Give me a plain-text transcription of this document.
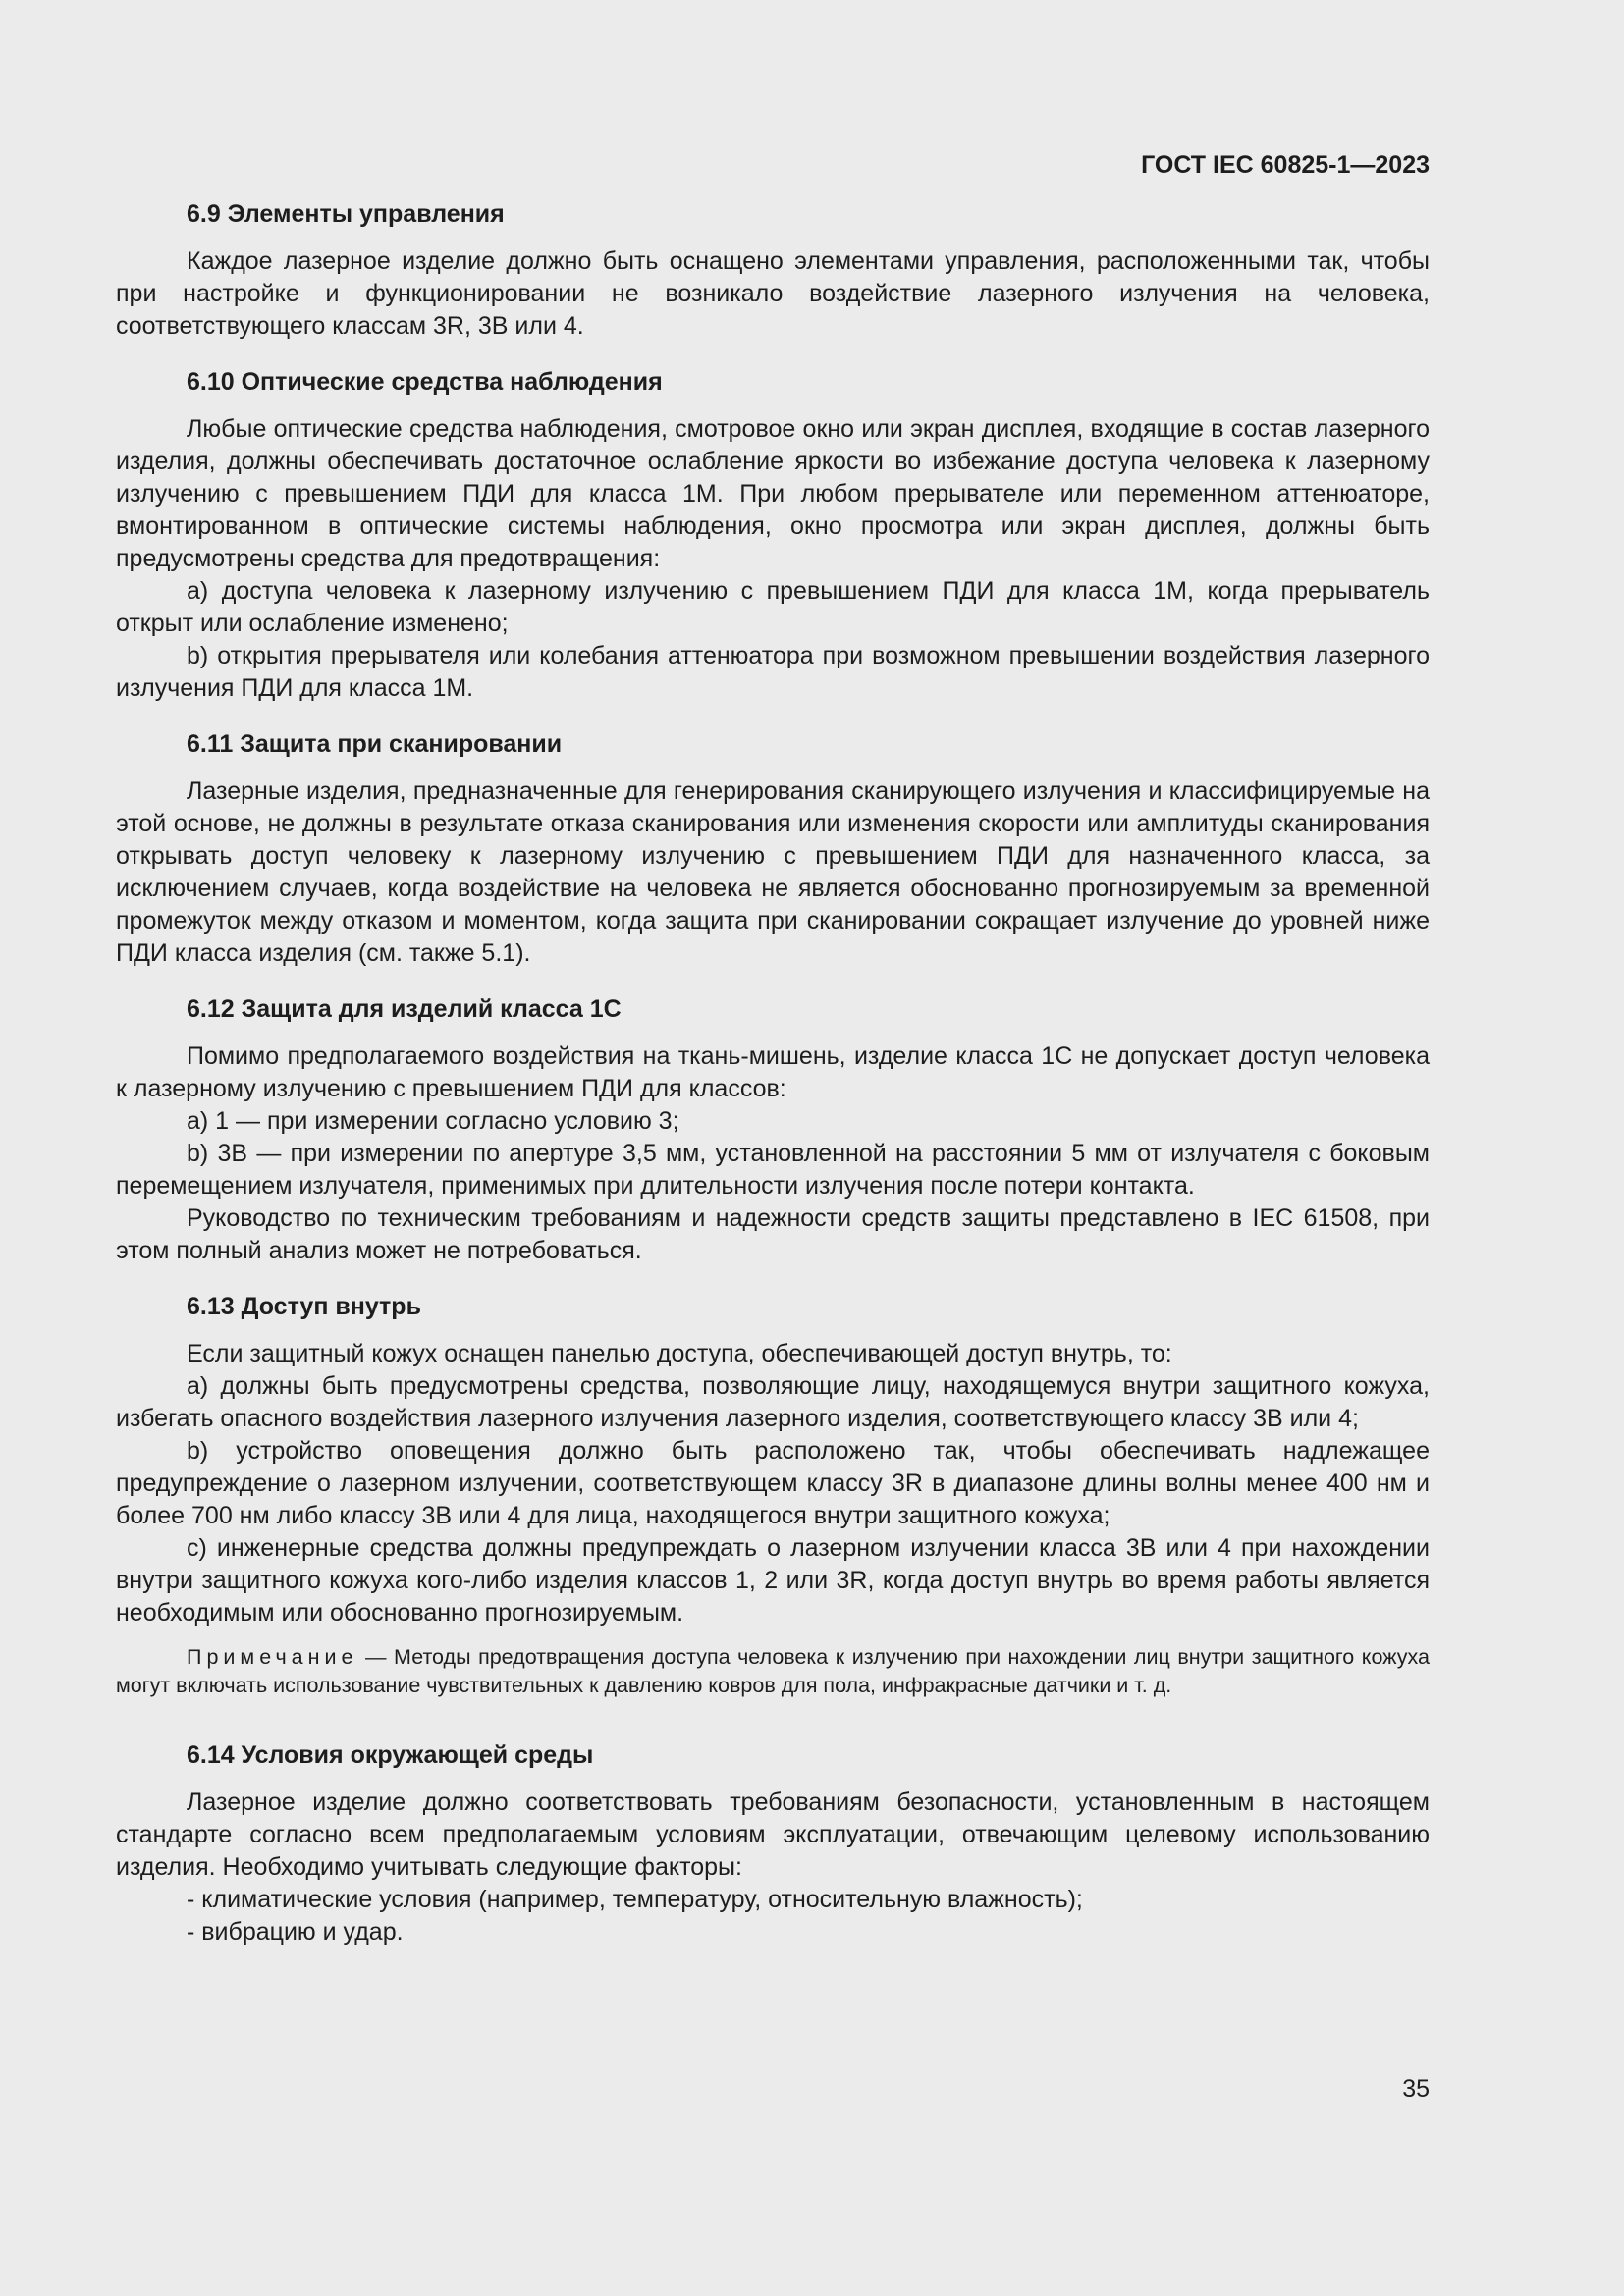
ГОСТ IEC 60825-1—2023
6.9 Элементы управления

Каждое лазерное изделие должно быть оснащено элементами управления, расположенными так, чтобы при настройке и функционировании не возникало воздействие лазерного излучения на человека, соответствующего классам 3R, 3B или 4.

6.10 Оптические средства наблюдения

Любые оптические средства наблюдения, смотровое окно или экран дисплея, входящие в состав лазерного изделия, должны обеспечивать достаточное ослабление яркости во избежание доступа человека к лазерному излучению с превышением ПДИ для класса 1М. При любом прерывателе или переменном аттенюаторе, вмонтированном в оптические системы наблюдения, окно просмотра или экран дисплея, должны быть предусмотрены средства для предотвращения:

a) доступа человека к лазерному излучению с превышением ПДИ для класса 1М, когда прерыватель открыт или ослабление изменено;

b) открытия прерывателя или колебания аттенюатора при возможном превышении воздействия лазерного излучения ПДИ для класса 1М.

6.11 Защита при сканировании

Лазерные изделия, предназначенные для генерирования сканирующего излучения и классифицируемые на этой основе, не должны в результате отказа сканирования или изменения скорости или амплитуды сканирования открывать доступ человеку к лазерному излучению с превышением ПДИ для назначенного класса, за исключением случаев, когда воздействие на человека не является обоснованно прогнозируемым за временной промежуток между отказом и моментом, когда защита при сканировании сокращает излучение до уровней ниже ПДИ класса изделия (см. также 5.1).

6.12 Защита для изделий класса 1С

Помимо предполагаемого воздействия на ткань-мишень, изделие класса 1С не допускает доступ человека к лазерному излучению с превышением ПДИ для классов:

a) 1 — при измерении согласно условию 3;

b) 3B — при измерении по апертуре 3,5 мм, установленной на расстоянии 5 мм от излучателя с боковым перемещением излучателя, применимых при длительности излучения после потери контакта.

Руководство по техническим требованиям и надежности средств защиты представлено в IEC 61508, при этом полный анализ может не потребоваться.

6.13 Доступ внутрь

Если защитный кожух оснащен панелью доступа, обеспечивающей доступ внутрь, то:

a) должны быть предусмотрены средства, позволяющие лицу, находящемуся внутри защитного кожуха, избегать опасного воздействия лазерного излучения лазерного изделия, соответствующего классу 3B или 4;

b) устройство оповещения должно быть расположено так, чтобы обеспечивать надлежащее предупреждение о лазерном излучении, соответствующем классу 3R в диапазоне длины волны менее 400 нм и более 700 нм либо классу 3B или 4 для лица, находящегося внутри защитного кожуха;

c) инженерные средства должны предупреждать о лазерном излучении класса 3B или 4 при нахождении внутри защитного кожуха кого-либо изделия классов 1, 2 или 3R, когда доступ внутрь во время работы является необходимым или обоснованно прогнозируемым.

Примечание — Методы предотвращения доступа человека к излучению при нахождении лиц внутри защитного кожуха могут включать использование чувствительных к давлению ковров для пола, инфракрасные датчики и т. д.

6.14 Условия окружающей среды

Лазерное изделие должно соответствовать требованиям безопасности, установленным в настоящем стандарте согласно всем предполагаемым условиям эксплуатации, отвечающим целевому использованию изделия. Необходимо учитывать следующие факторы:

- климатические условия (например, температуру, относительную влажность);

- вибрацию и удар.

35
